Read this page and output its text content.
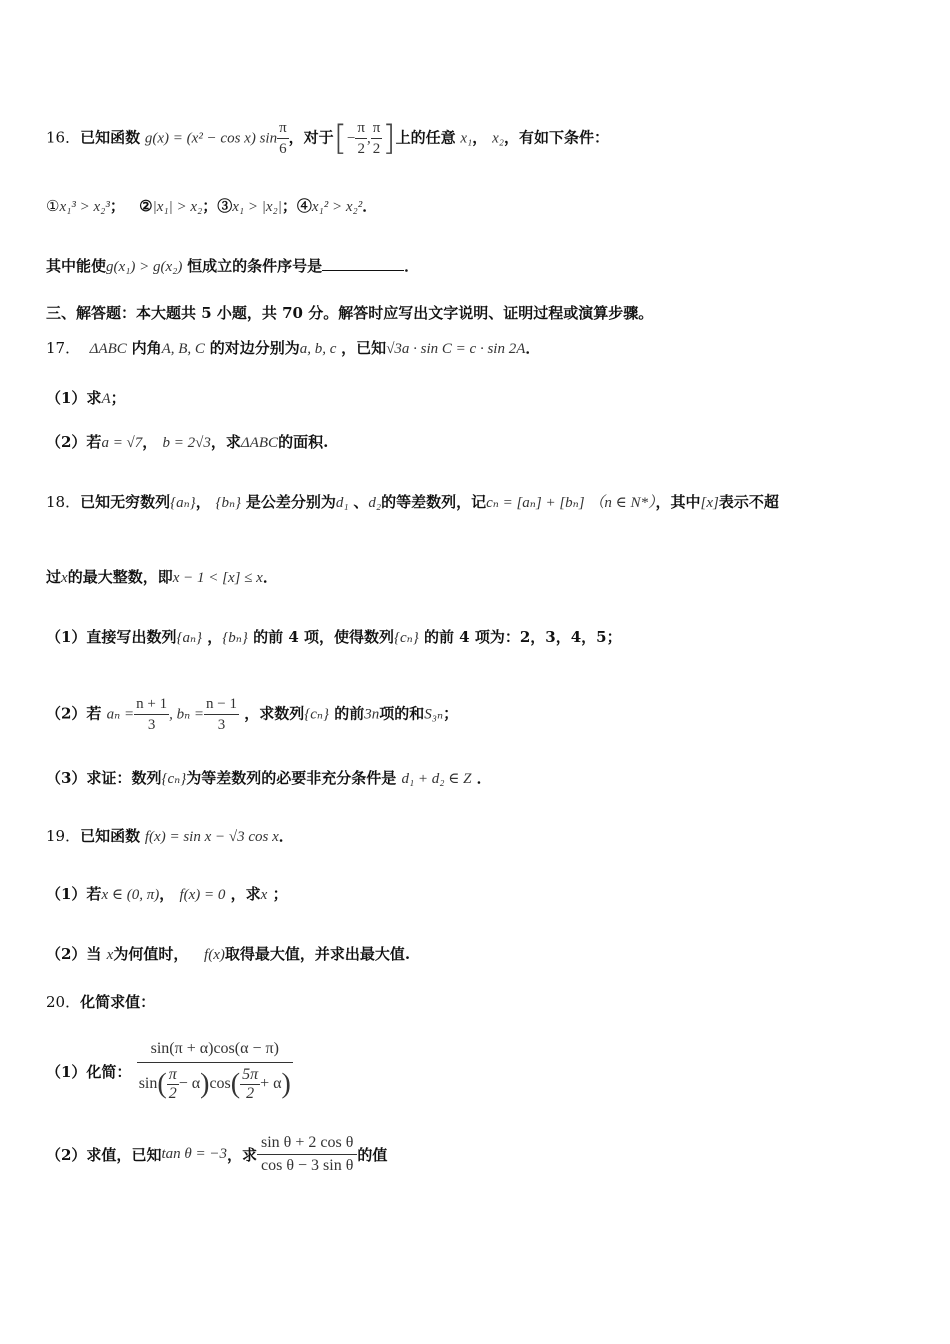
16．已知函数 g(x) = (x² − cos x) $\sin \frac{\pi}{6}$ ，对于[− $\frac{\pi}{2}$ , $\frac{\pi}{2}$ ]上的任意 x₁， x₂，有如下条件：
①x₁³ > x₂³； ②|x₁| > x₂；③x₁ > |x₂|；④x₁² > x₂²．
其中能使g(x₁) > g(x₂) 恒成立的条件序号是	．
三、解答题：本大题共 5 小题，共 70 分。解答时应写出文字说明、证明过程或演算步骤。
17． ΔABC 内角A, B, C 的对边分别为a, b, c ，已知√3a · sin C = c · sin 2A．
（1）求A；
（2）若a = √7， b = 2√3，求ΔABC的面积.
18．已知无穷数列{aₙ}， {bₙ} 是公差分别为d₁ 、d₂的等差数列，记cₙ = [aₙ] + [bₙ] （n ∈ N*），其中[x]表示不超
过x的最大整数，即x − 1 < [x] ≤ x．
（1）直接写出数列{aₙ} ，{bₙ} 的前 4 项，使得数列{cₙ} 的前 4 项为：2，3，4，5；
（2）若 $a_n = \frac{n + 1}{3}$ , $b_n = \frac{n - 1}{3}$ ，求数列{cₙ} 的前3n项的和S₃ₙ；
（3）求证：数列{cₙ}为等差数列的必要非充分条件是 d₁ + d₂ ∈ Z ．
19．已知函数 f(x) = sin x − √3 cos x．
（1）若x ∈ (0, π)， f(x) = 0 ，求x ；
（2）当 x为何值时， f(x)取得最大值，并求出最大值.
20．化简求值：
（1）化简： $\frac{\sin(\pi + \alpha)\cos(\alpha - \pi)}{\sin( \frac{\pi}{2} - \alpha)\cos( \frac{5\pi}{2} + \alpha)}$
（2）求值，已知tan θ = −3，求 $\frac{\text{sin θ + 2 cos θ}}{\text{cos θ − 3 sin θ}}$ 的值
